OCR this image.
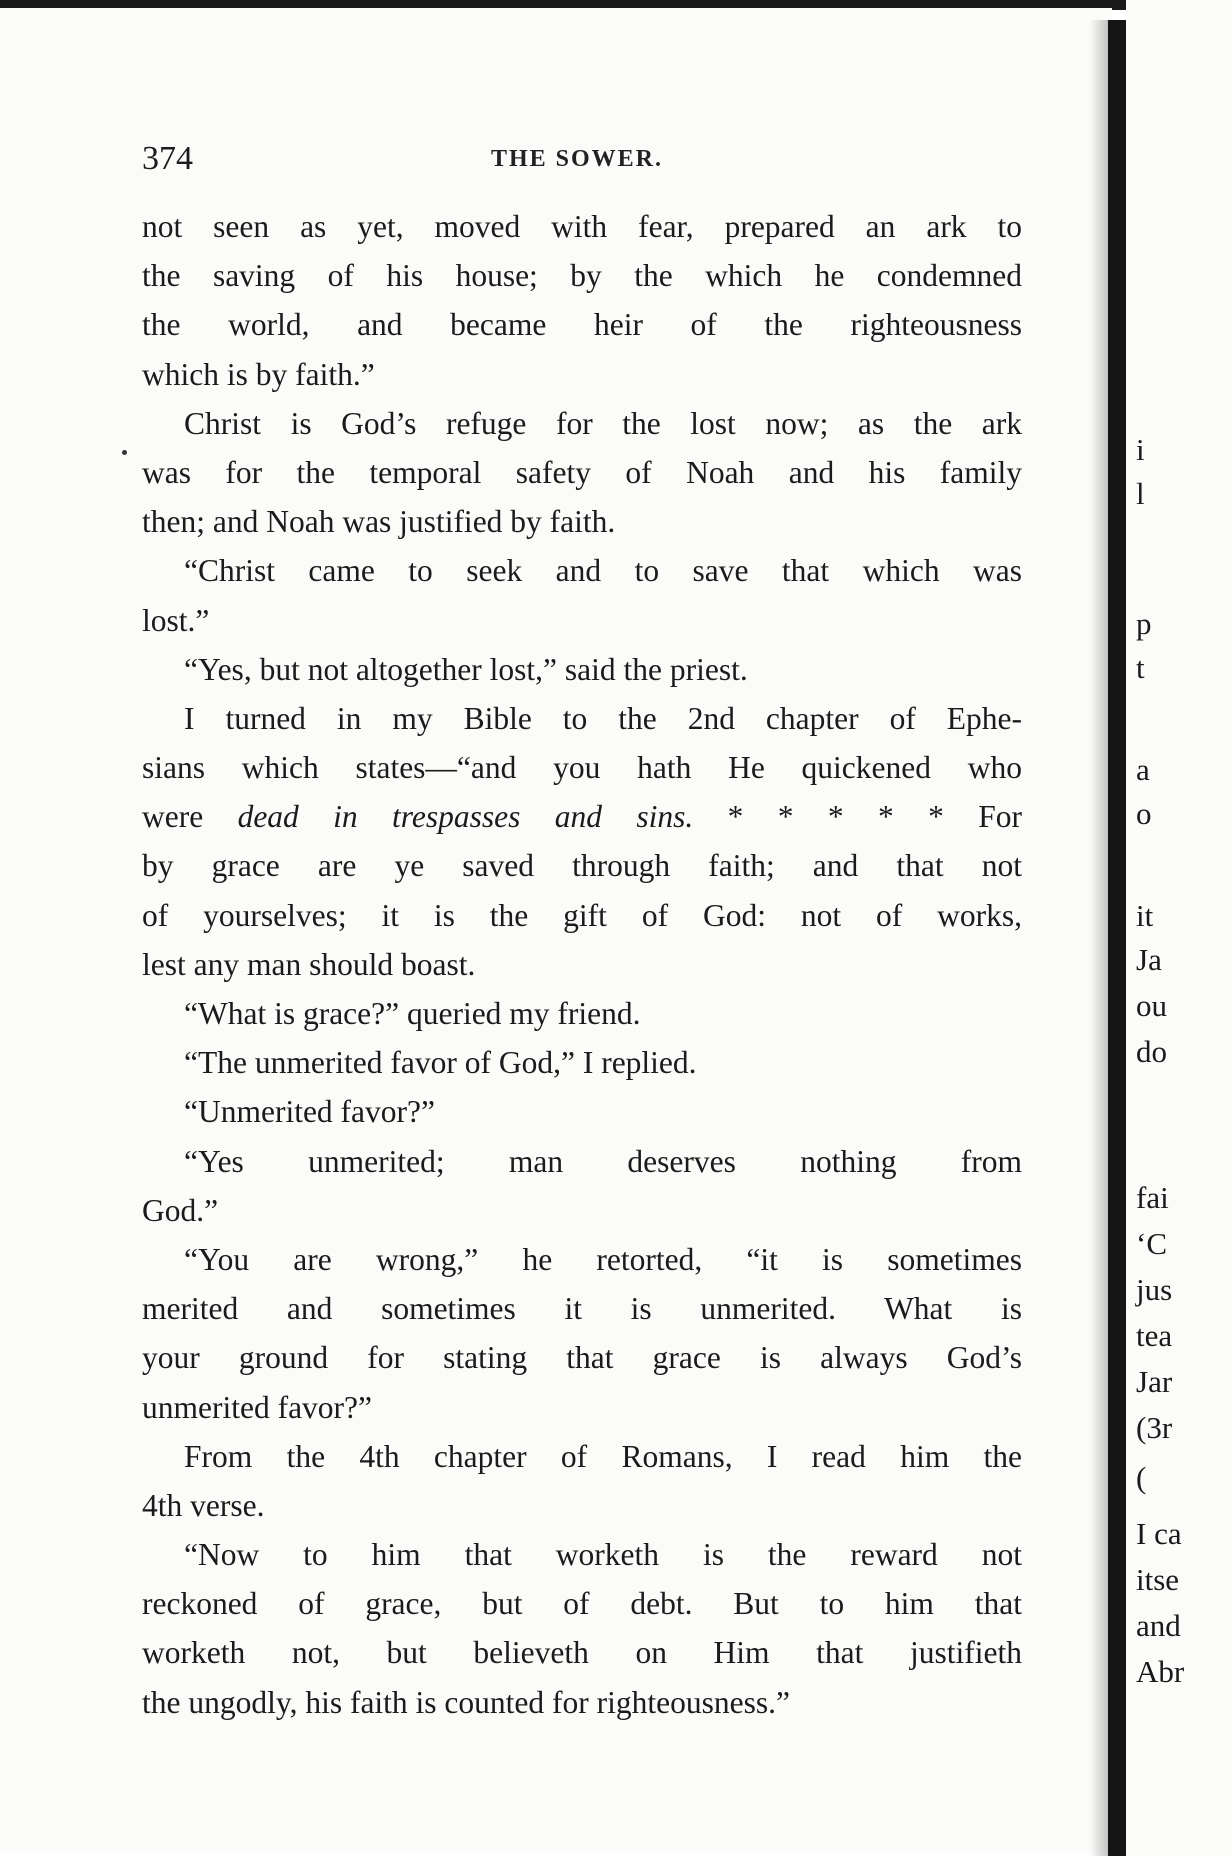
i
l
p
t
a
o
it
Ja
ou
do
fai
‘C
jus
tea
Jar
(3r
(
I ca
itse
and
Abr
374	THE SOWER.
not seen as yet, moved with fear, prepared an ark to
the saving of his house; by the which he condemned
the world, and became heir of the righteousness
which is by faith.”
Christ is God’s refuge for the lost now; as the ark
was for the temporal safety of Noah and his family
then; and Noah was justified by faith.
“Christ came to seek and to save that which was
lost.”
“Yes, but not altogether lost,” said the priest.
I turned in my Bible to the 2nd chapter of Ephe-
sians which states—“and you hath He quickened who
were dead in trespasses and sins. * * * * * For
by grace are ye saved through faith; and that not
of yourselves; it is the gift of God: not of works,
lest any man should boast.
“What is grace?” queried my friend.
“The unmerited favor of God,” I replied.
“Unmerited favor?”
“Yes unmerited; man deserves nothing from
God.”
“You are wrong,” he retorted, “it is sometimes
merited and sometimes it is unmerited. What is
your ground for stating that grace is always God’s
unmerited favor?”
From the 4th chapter of Romans, I read him the
4th verse.
“Now to him that worketh is the reward not
reckoned of grace, but of debt. But to him that
worketh not, but believeth on Him that justifieth
the ungodly, his faith is counted for righteousness.”
